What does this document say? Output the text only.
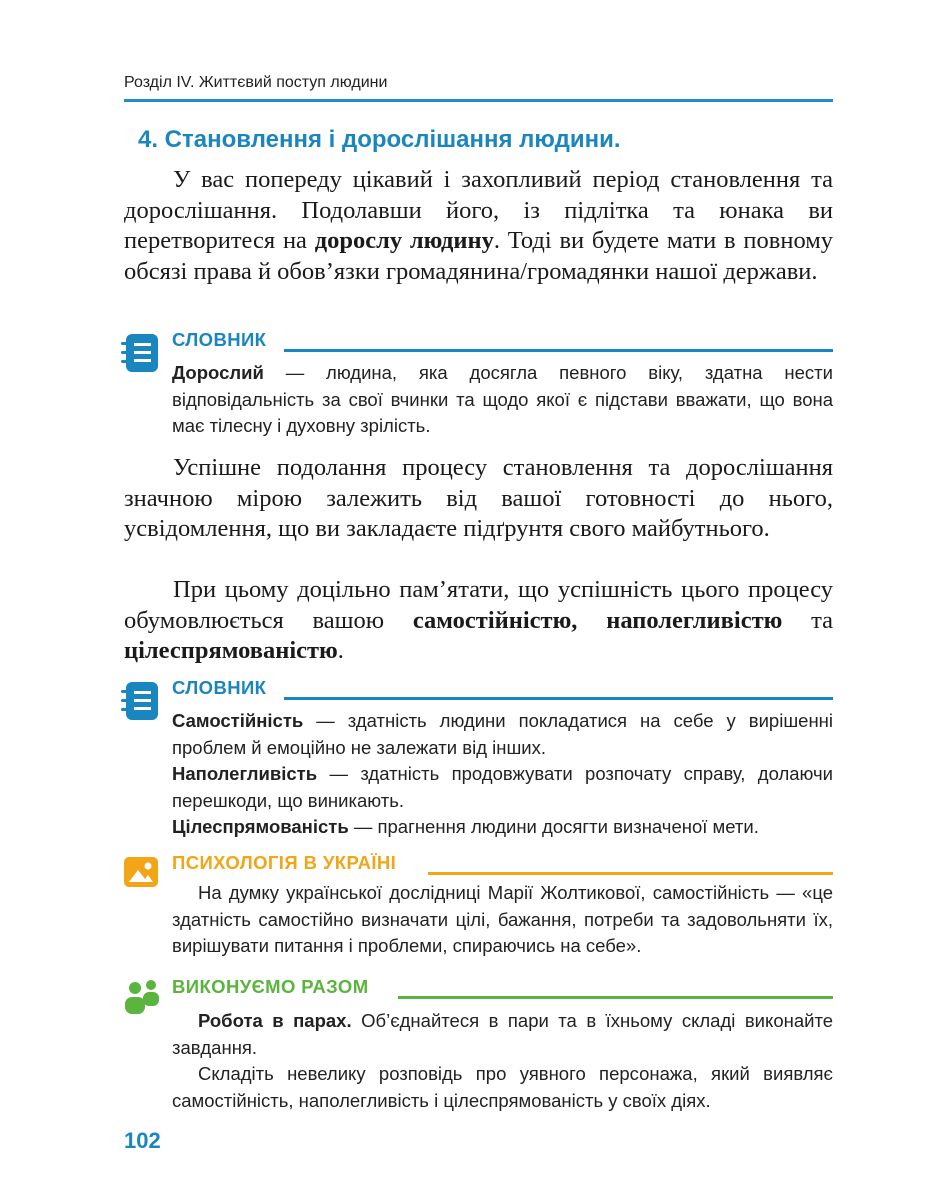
Розділ IV. Життєвий поступ людини
4. Становлення і дорослішання людини.

У вас попереду цікавий і захопливий період становлення та дорослішання. Подолавши його, із підлітка та юнака ви перетворитеся на дорослу людину. Тоді ви будете мати в повному обсязі права й обов’язки громадянина/громадянки нашої держави.

СЛОВНИК

Дорослий — людина, яка досягла певного віку, здатна нести відповідальність за свої вчинки та щодо якої є підстави вважати, що вона має тілесну і духовну зрілість.

Успішне подолання процесу становлення та дорослішання значною мірою залежить від вашої готовності до нього, усвідомлення, що ви закладаєте підґрунтя свого майбутнього.

При цьому доцільно пам’ятати, що успішність цього процесу обумовлюється вашою самостійністю, наполегливістю та цілеспрямованістю.

СЛОВНИК

Самостійність — здатність людини покладатися на себе у вирішенні проблем й емоційно не залежати від інших.

Наполегливість — здатність продовжувати розпочату справу, долаючи перешкоди, що виникають.

Цілеспрямованість — прагнення людини досягти визначеної мети.

ПСИХОЛОГІЯ В УКРАЇНІ

На думку української дослідниці Марії Жолтикової, самостійність — «це здатність самостійно визначати цілі, бажання, потреби та задовольняти їх, вирішувати питання і проблеми, спираючись на себе».

ВИКОНУЄМО РАЗОМ

Робота в парах. Об’єднайтеся в пари та в їхньому складі виконайте завдання.

Складіть невелику розповідь про уявного персонажа, який виявляє самостійність, наполегливість і цілеспрямованість у своїх діях.

102
